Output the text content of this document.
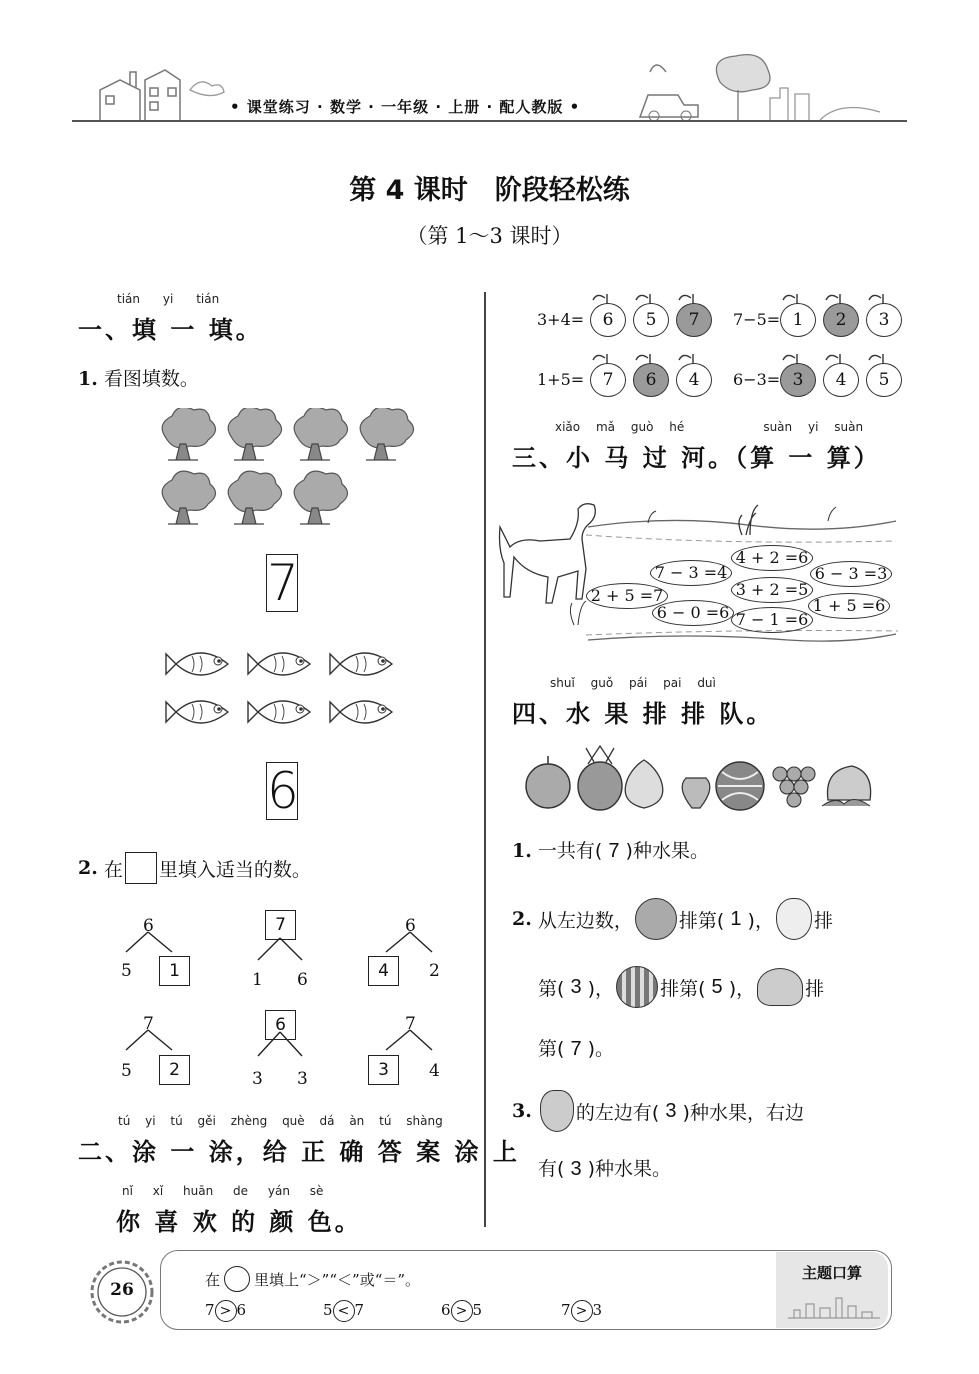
• 课堂练习 · 数学 · 一年级 · 上册 · 配人教版 •
第 4 课时　阶段轻松练
（第 1～3 课时）
tián yi tián
一、填 一 填。
1. 看图填数。
7
6
2.
在 里填入适当的数。
6
5	1
7
1 6
6
4	2
7
5	2
6
3 3
7
3	4
tú yi tú gěi zhèng què dá àn tú shàng
二、涂 一 涂，给 正 确 答 案 涂 上
nǐ xǐ huān de yán sè
你 喜 欢 的 颜 色。
3+4=	6	5	7	7−5= 1	2	3
1+5=	7	6	4	6−3= 3	4	5
xiǎo mǎ guò hé	suàn yi suàn
三、小 马 过 河。（算 一 算）
4 + 2 =6
7 − 3 =4
3 + 2 =5
6 − 3 =3
2 + 5 =7
1 + 5 =6
6 − 0 =6 7 − 1 =6
shuǐ guǒ pái pai duì
四、水 果 排 排 队。
1. 一共有( 7 )种水果。
2.
从左边数， 排第(
1
)， 排
第(
3
)， 排第(
5
)，	排
第( 7 )。
3.
的左边有(
3
)种水果，右边
有( 3 )种水果。
26
在 里填上“＞”“＜”或“＝”。
7 > 6	5 < 7	6 > 5	7 > 3
主题口算
